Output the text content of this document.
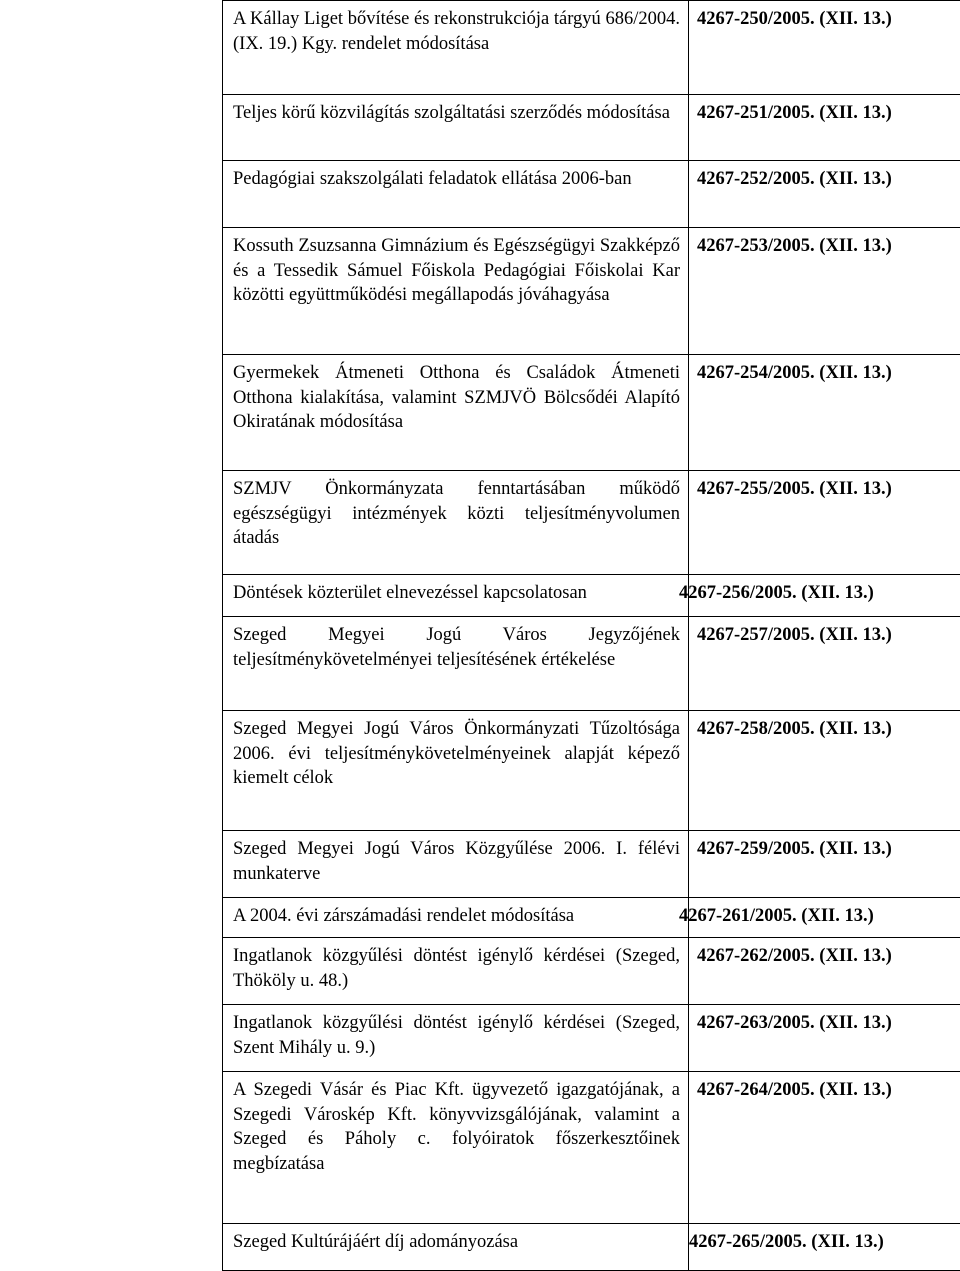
A Kállay Liget bővítése és rekonstrukciója tárgyú 686/2004. (IX. 19.) Kgy. rendelet módosítása	4267-250/2005. (XII. 13.)

Teljes körű közvilágítás szolgáltatási szerződés módosítása	4267-251/2005. (XII. 13.)

Pedagógiai szakszolgálati feladatok ellátása 2006-ban	4267-252/2005. (XII. 13.)

Kossuth Zsuzsanna Gimnázium és Egészségügyi Szakképző és a Tessedik Sámuel Főiskola Pedagógiai Főiskolai Kar közötti együttműködési megállapodás jóváhagyása	4267-253/2005. (XII. 13.)

Gyermekek Átmeneti Otthona és Családok Átmeneti Otthona kialakítása, valamint SZMJVÖ Bölcsődéi Alapító Okiratának módosítása	4267-254/2005. (XII. 13.)

SZMJV Önkormányzata fenntartásában működő egészségügyi intézmények közti teljesítményvolumen átadás	4267-255/2005. (XII. 13.)
Döntések közterület elnevezéssel kapcsolatosan	4267-256/2005. (XII. 13.)

Szeged Megyei Jogú Város Jegyzőjének teljesítménykövetelményei teljesítésének értékelése	4267-257/2005. (XII. 13.)

Szeged Megyei Jogú Város Önkormányzati Tűzoltósága 2006. évi teljesítménykövetelményeinek alapját képező kiemelt célok	4267-258/2005. (XII. 13.)

Szeged Megyei Jogú Város Közgyűlése 2006. I. félévi munkaterve	4267-259/2005. (XII. 13.)
A 2004. évi zárszámadási rendelet módosítása	4267-261/2005. (XII. 13.)

Ingatlanok közgyűlési döntést igénylő kérdései (Szeged, Thököly u. 48.)	4267-262/2005. (XII. 13.)

Ingatlanok közgyűlési döntést igénylő kérdései (Szeged, Szent Mihály u. 9.)	4267-263/2005. (XII. 13.)

A Szegedi Vásár és Piac Kft. ügyvezető igazgatójának, a Szegedi Városkép Kft. könyvvizsgálójának, valamint a Szeged és Páholy c. folyóiratok főszerkesztőinek megbízatása	4267-264/2005. (XII. 13.)
Szeged Kultúrájáért díj adományozása	4267-265/2005. (XII. 13.)
